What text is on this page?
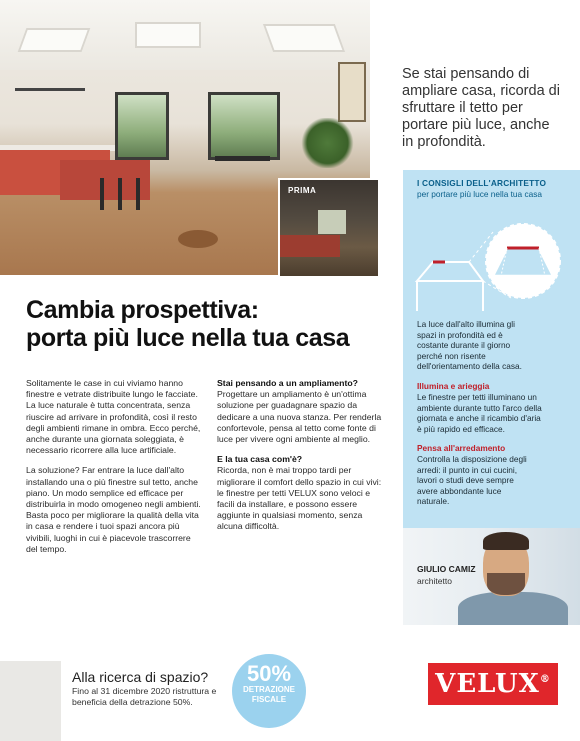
PRIMA
Se stai pensando di ampliare casa, ricorda di sfruttare il tetto per portare più luce, anche in profondità.
I CONSIGLI DELL'ARCHITETTO
per portare più luce nella tua casa
La luce dall'alto illumina gli spazi in profondità ed è costante durante il giorno perché non risente dell'orientamento della casa.
Illumina e arieggia
Le finestre per tetti illuminano un ambiente durante tutto l'arco della giornata e anche il ricambio d'aria è più rapido ed efficace.
Pensa all'arredamento
Controlla la disposizione degli arredi: il punto in cui cucini, lavori o studi deve sempre avere abbondante luce naturale.
GIULIO CAMIZ
architetto
Cambia prospettiva:
porta più luce nella tua casa

Solitamente le case in cui viviamo hanno finestre e vetrate distribuite lungo le facciate. La luce naturale è tutta concentrata, senza riuscire ad arrivare in profondità, così il resto degli ambienti rimane in ombra. Ecco perché, anche durante una giornata soleggiata, è necessario ricorrere alla luce artificiale.

La soluzione? Far entrare la luce dall'alto installando una o più finestre sul tetto, anche piano. Un modo semplice ed efficace per distribuirla in modo omogeneo negli ambienti. Basta poco per migliorare la qualità della vita in casa e rendere i tuoi spazi ancora più vivibili, luoghi in cui è piacevole trascorrere del tempo.

Stai pensando a un ampliamento?

Progettare un ampliamento è un'ottima soluzione per guadagnare spazio da dedicare a una nuova stanza. Per renderla confortevole, pensa al tetto come fonte di luce per vivere ogni ambiente al meglio.

E la tua casa com'è?

Ricorda, non è mai troppo tardi per migliorare il comfort dello spazio in cui vivi: le finestre per tetti VELUX sono veloci e facili da installare, e possono essere aggiunte in qualsiasi momento, senza alcuna difficoltà.

Alla ricerca di spazio?
Fino al 31 dicembre 2020 ristruttura e beneficia della detrazione 50%.
50%
DETRAZIONE
FISCALE
VELUX®
